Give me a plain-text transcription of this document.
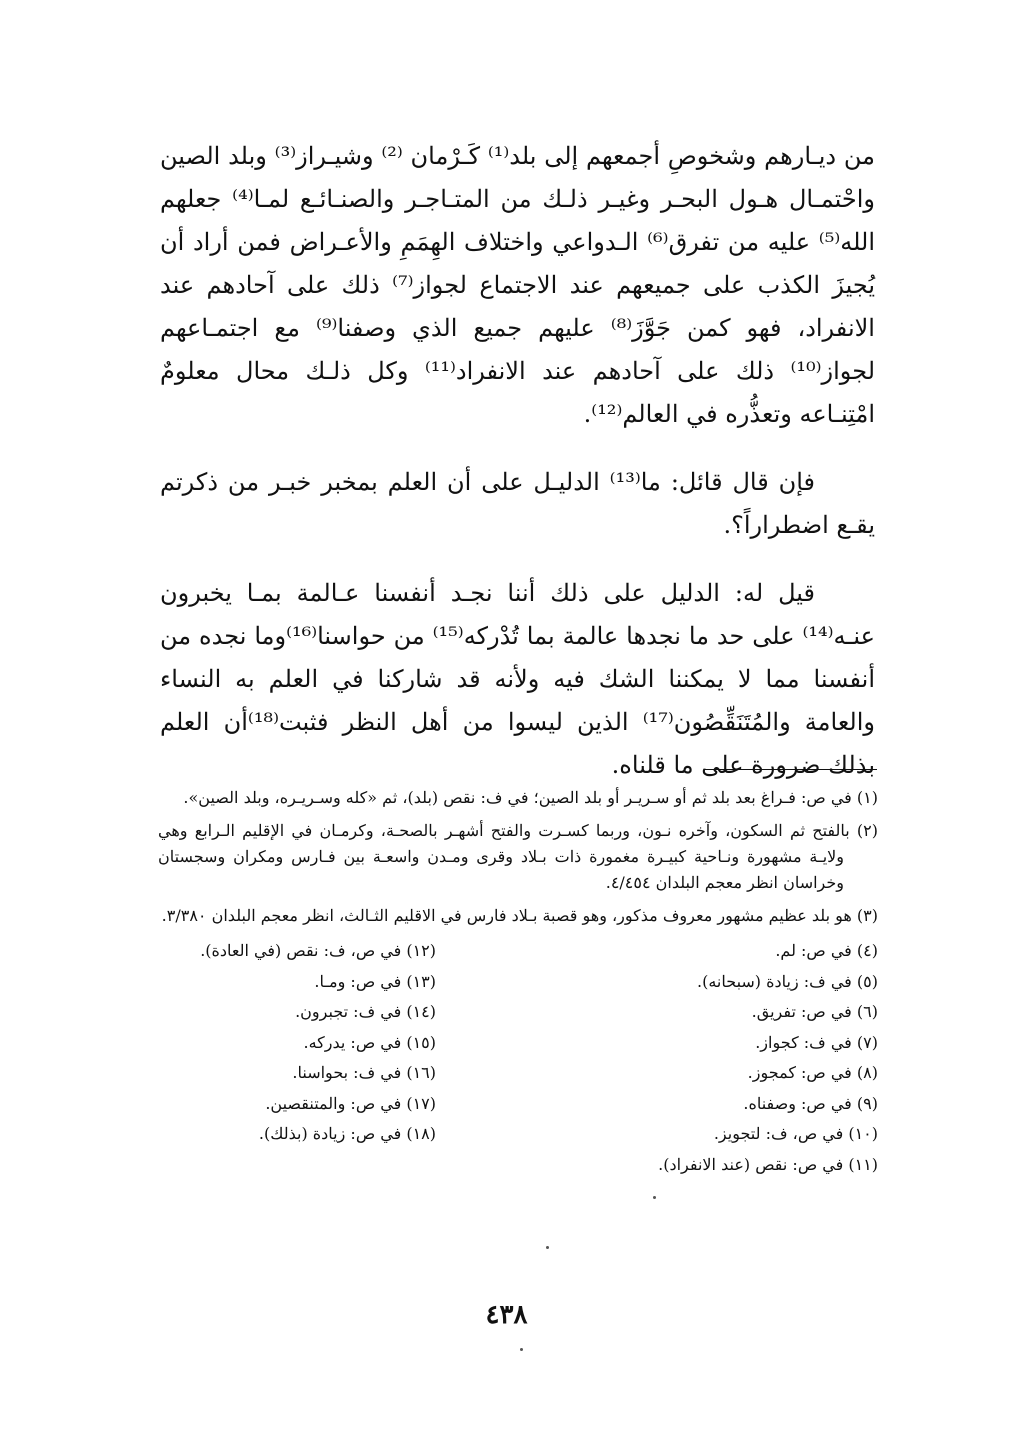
من ديـارهم وشخوصِ أجمعهم إلى بلد⁽¹⁾ كَـرْمان ⁽²⁾ وشيـراز⁽³⁾ وبلد الصين واحْتمـال هـول البحـر وغيـر ذلـك من المتـاجـر والصنـائـع لمـا⁽⁴⁾ جعلهم الله⁽⁵⁾ عليه من تفرق⁽⁶⁾ الـدواعي واختلاف الهِمَمِ والأعـراض فمن أراد أن يُجيزَ الكذب على جميعهم عند الاجتماع لجواز⁽⁷⁾ ذلك على آحادهم عند الانفراد، فهو كمن جَوَّزَ⁽⁸⁾ عليهم جميع الذي وصفنا⁽⁹⁾ مع اجتمـاعهم لجواز⁽¹⁰⁾ ذلك على آحادهم عند الانفراد⁽¹¹⁾ وكل ذلـك محال معلومٌ امْتِنـاعه وتعذُّره في العالم⁽¹²⁾.

فإن قال قائل: ما⁽¹³⁾ الدليـل على أن العلم بمخبر خبـر من ذكرتم يقـع اضطراراً؟.

قيل له: الدليل على ذلك أننا نجـد أنفسنا عـالمة بمـا يخبرون عنـه⁽¹⁴⁾ على حد ما نجدها عالمة بما تُدْركه⁽¹⁵⁾ من حواسنا⁽¹⁶⁾وما نجده من أنفسنا مما لا يمكننا الشك فيه ولأنه قد شاركنا في العلم به النساء والعامة والمُتَنَقِّصُون⁽¹⁷⁾ الذين ليسوا من أهل النظر فثبت⁽¹⁸⁾أن العلم بذلك ضرورة على ما قلناه.

(١) في ص: فـراغ بعد بلد ثم أو سـريـر أو بلد الصين؛ في ف: نقص (بلد)، ثم «كله وسـريـره، وبلد الصين».

(٢) بالفتح ثم السكون، وآخره نـون، وربما كسـرت والفتح أشهـر بالصحـة، وكرمـان في الإقليم الـرابع وهي ولايـة مشهورة ونـاحية كبيـرة مغمورة ذات بـلاد وقرى ومـدن واسعـة بين فـارس ومكران وسجستان وخراسان انظر معجم البلدان ٤/٤٥٤.

(٣) هو بلد عظيم مشهور معروف مذكور، وهو قصبة بـلاد فارس في الاقليم الثـالث، انظر معجم البلدان ٣/٣٨٠.

(٤) في ص: لم.
(٥) في ف: زيادة (سبحانه).
(٦) في ص: تفريق.
(٧) في ف: كجواز.
(٨) في ص: كمجوز.
(٩) في ص: وصفناه.
(١٠) في ص، ف: لتجويز.
(١١) في ص: نقص (عند الانفراد).
(١٢) في ص، ف: نقص (في العادة).
(١٣) في ص: ومـا.
(١٤) في ف: تجبرون.
(١٥) في ص: يدركه.
(١٦) في ف: بحواسنا.
(١٧) في ص: والمتنقصين.
(١٨) في ص: زيادة (بذلك).
٤٣٨
